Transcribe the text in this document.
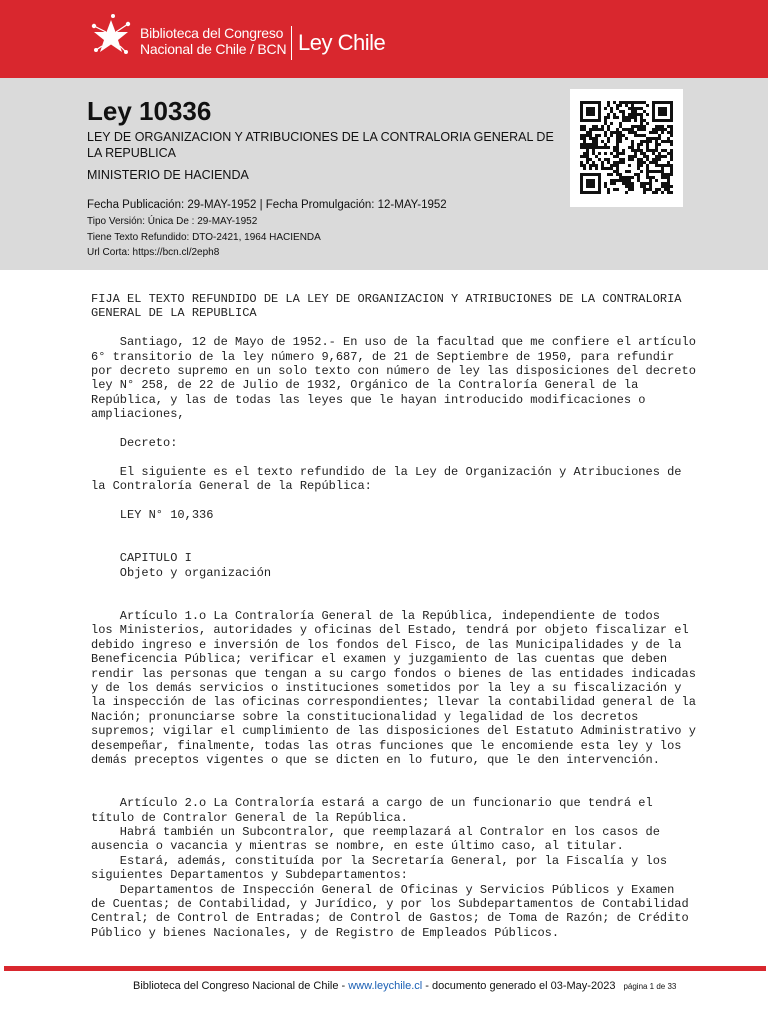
Biblioteca del Congreso
Nacional de Chile / BCN Ley Chile
Ley 10336

LEY DE ORGANIZACION Y ATRIBUCIONES DE LA CONTRALORIA GENERAL DE LA REPUBLICA

MINISTERIO DE HACIENDA
Fecha Publicación: 29-MAY-1952 | Fecha Promulgación: 12-MAY-1952
Tipo Versión: Única De : 29-MAY-1952
Tiene Texto Refundido: DTO-2421, 1964 HACIENDA
Url Corta: https://bcn.cl/2eph8
FIJA EL TEXTO REFUNDIDO DE LA LEY DE ORGANIZACION Y ATRIBUCIONES DE LA CONTRALORIA
GENERAL DE LA REPUBLICA

Santiago, 12 de Mayo de 1952.- En uso de la facultad que me confiere el artículo
6° transitorio de la ley número 9,687, de 21 de Septiembre de 1950, para refundir
por decreto supremo en un solo texto con número de ley las disposiciones del decreto
ley N° 258, de 22 de Julio de 1932, Orgánico de la Contraloría General de la
República, y las de todas las leyes que le hayan introducido modificaciones o
ampliaciones,

Decreto:

El siguiente es el texto refundido de la Ley de Organización y Atribuciones de
la Contraloría General de la República:

LEY N° 10,336

CAPITULO I
Objeto y organización

Artículo 1.o La Contraloría General de la República, independiente de todos
los Ministerios, autoridades y oficinas del Estado, tendrá por objeto fiscalizar el
debido ingreso e inversión de los fondos del Fisco, de las Municipalidades y de la
Beneficencia Pública; verificar el examen y juzgamiento de las cuentas que deben
rendir las personas que tengan a su cargo fondos o bienes de las entidades indicadas
y de los demás servicios o instituciones sometidos por la ley a su fiscalización y
la inspección de las oficinas correspondientes; llevar la contabilidad general de la
Nación; pronunciarse sobre la constitucionalidad y legalidad de los decretos
supremos; vigilar el cumplimiento de las disposiciones del Estatuto Administrativo y
desempeñar, finalmente, todas las otras funciones que le encomiende esta ley y los
demás preceptos vigentes o que se dicten en lo futuro, que le den intervención.

Artículo 2.o La Contraloría estará a cargo de un funcionario que tendrá el
título de Contralor General de la República.
Habrá también un Subcontralor, que reemplazará al Contralor en los casos de
ausencia o vacancia y mientras se nombre, en este último caso, al titular.
Estará, además, constituída por la Secretaría General, por la Fiscalía y los
siguientes Departamentos y Subdepartamentos:
Departamentos de Inspección General de Oficinas y Servicios Públicos y Examen
de Cuentas; de Contabilidad, y Jurídico, y por los Subdepartamentos de Contabilidad
Central; de Control de Entradas; de Control de Gastos; de Toma de Razón; de Crédito
Público y bienes Nacionales, y de Registro de Empleados Públicos.
Biblioteca del Congreso Nacional de Chile - www.leychile.cl - documento generado el 03-May-2023 página 1 de 33
